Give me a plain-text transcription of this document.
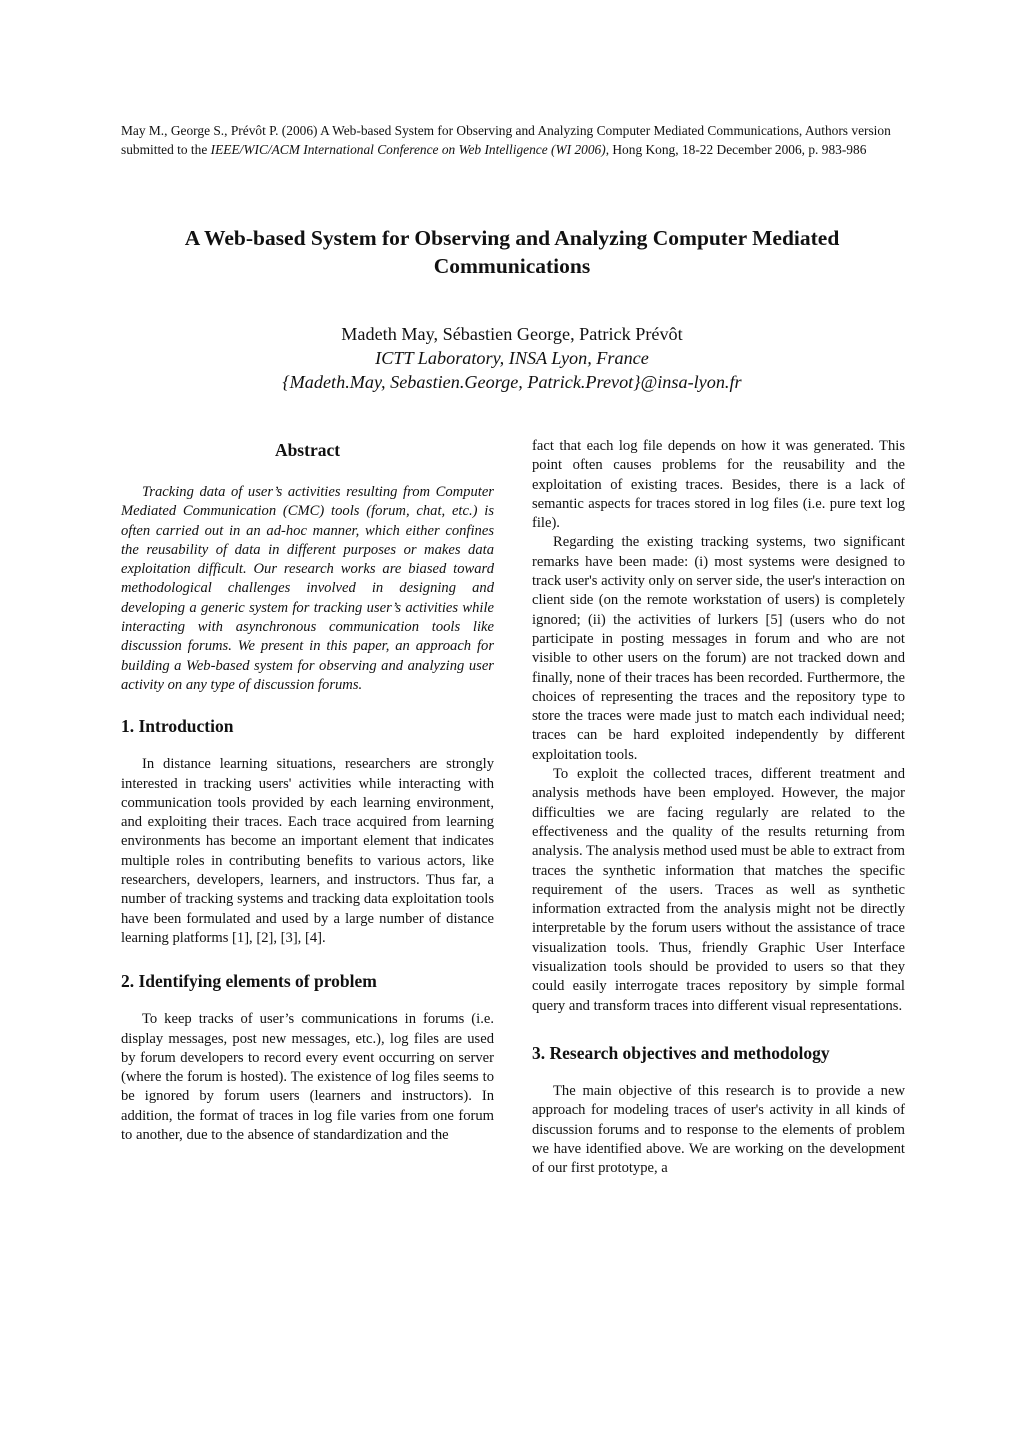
May M., George S., Prévôt P. (2006) A Web-based System for Observing and Analyzing Computer Mediated Communications, Authors version submitted to the IEEE/WIC/ACM International Conference on Web Intelligence (WI 2006), Hong Kong, 18-22 December 2006, p. 983-986
A Web-based System for Observing and Analyzing Computer Mediated Communications
Madeth May, Sébastien George, Patrick Prévôt
ICTT Laboratory, INSA Lyon, France
{Madeth.May, Sebastien.George, Patrick.Prevot}@insa-lyon.fr
Abstract

Tracking data of user’s activities resulting from Computer Mediated Communication (CMC) tools (forum, chat, etc.) is often carried out in an ad-hoc manner, which either confines the reusability of data in different purposes or makes data exploitation difficult. Our research works are biased toward methodological challenges involved in designing and developing a generic system for tracking user’s activities while interacting with asynchronous communication tools like discussion forums. We present in this paper, an approach for building a Web-based system for observing and analyzing user activity on any type of discussion forums.

1. Introduction

In distance learning situations, researchers are strongly interested in tracking users' activities while interacting with communication tools provided by each learning environment, and exploiting their traces. Each trace acquired from learning environments has become an important element that indicates multiple roles in contributing benefits to various actors, like researchers, developers, learners, and instructors. Thus far, a number of tracking systems and tracking data exploitation tools have been formulated and used by a large number of distance learning platforms [1], [2], [3], [4].

2. Identifying elements of problem

To keep tracks of user’s communications in forums (i.e. display messages, post new messages, etc.), log files are used by forum developers to record every event occurring on server (where the forum is hosted). The existence of log files seems to be ignored by forum users (learners and instructors). In addition, the format of traces in log file varies from one forum to another, due to the absence of standardization and the

fact that each log file depends on how it was generated. This point often causes problems for the reusability and the exploitation of existing traces. Besides, there is a lack of semantic aspects for traces stored in log files (i.e. pure text log file).

Regarding the existing tracking systems, two significant remarks have been made: (i) most systems were designed to track user's activity only on server side, the user's interaction on client side (on the remote workstation of users) is completely ignored; (ii) the activities of lurkers [5] (users who do not participate in posting messages in forum and who are not visible to other users on the forum) are not tracked down and finally, none of their traces has been recorded. Furthermore, the choices of representing the traces and the repository type to store the traces were made just to match each individual need; traces can be hard exploited independently by different exploitation tools.

To exploit the collected traces, different treatment and analysis methods have been employed. However, the major difficulties we are facing regularly are related to the effectiveness and the quality of the results returning from analysis. The analysis method used must be able to extract from traces the synthetic information that matches the specific requirement of the users. Traces as well as synthetic information extracted from the analysis might not be directly interpretable by the forum users without the assistance of trace visualization tools. Thus, friendly Graphic User Interface visualization tools should be provided to users so that they could easily interrogate traces repository by simple formal query and transform traces into different visual representations.

3. Research objectives and methodology

The main objective of this research is to provide a new approach for modeling traces of user's activity in all kinds of discussion forums and to response to the elements of problem we have identified above. We are working on the development of our first prototype, a
